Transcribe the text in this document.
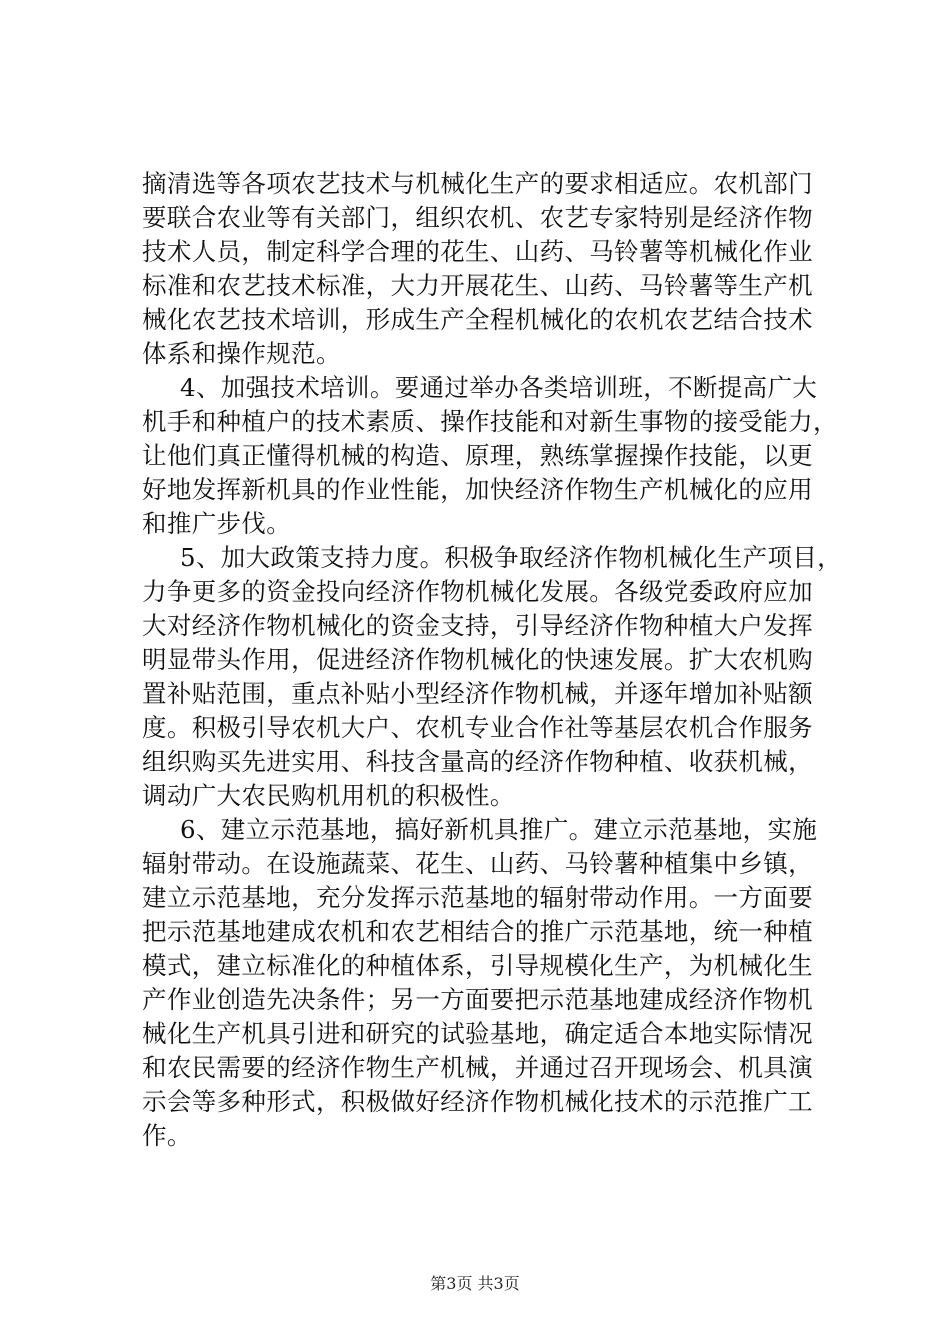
摘清选等各项农艺技术与机械化生产的要求相适应。农机部门
要联合农业等有关部门，组织农机、农艺专家特别是经济作物
技术人员，制定科学合理的花生、山药、马铃薯等机械化作业
标准和农艺技术标准，大力开展花生、山药、马铃薯等生产机
械化农艺技术培训，形成生产全程机械化的农机农艺结合技术
体系和操作规范。
4、加强技术培训。要通过举办各类培训班，不断提高广大
机手和种植户的技术素质、操作技能和对新生事物的接受能力，
让他们真正懂得机械的构造、原理，熟练掌握操作技能，以更
好地发挥新机具的作业性能，加快经济作物生产机械化的应用
和推广步伐。
5、加大政策支持力度。积极争取经济作物机械化生产项目，
力争更多的资金投向经济作物机械化发展。各级党委政府应加
大对经济作物机械化的资金支持，引导经济作物种植大户发挥
明显带头作用，促进经济作物机械化的快速发展。扩大农机购
置补贴范围，重点补贴小型经济作物机械，并逐年增加补贴额
度。积极引导农机大户、农机专业合作社等基层农机合作服务
组织购买先进实用、科技含量高的经济作物种植、收获机械，
调动广大农民购机用机的积极性。
6、建立示范基地，搞好新机具推广。建立示范基地，实施
辐射带动。在设施蔬菜、花生、山药、马铃薯种植集中乡镇，
建立示范基地，充分发挥示范基地的辐射带动作用。一方面要
把示范基地建成农机和农艺相结合的推广示范基地，统一种植
模式，建立标准化的种植体系，引导规模化生产，为机械化生
产作业创造先决条件；另一方面要把示范基地建成经济作物机
械化生产机具引进和研究的试验基地，确定适合本地实际情况
和农民需要的经济作物生产机械，并通过召开现场会、机具演
示会等多种形式，积极做好经济作物机械化技术的示范推广工
作。
第3页 共3页
